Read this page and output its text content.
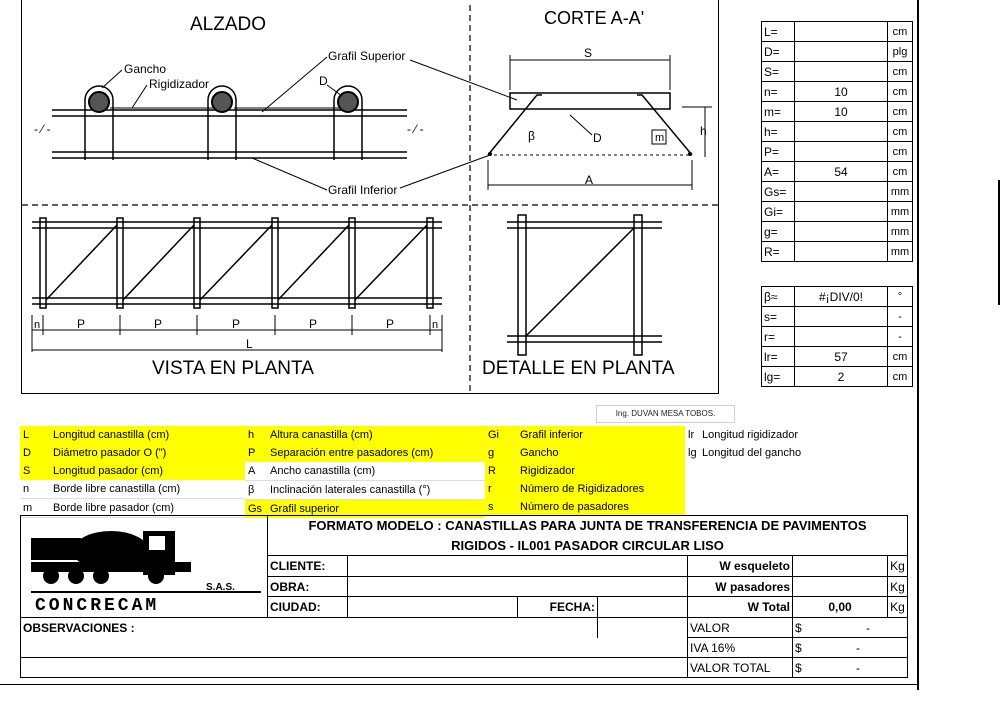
ALZADO	CORTE A-A'
VISTA EN PLANTA	DETALLE EN PLANTA
- ⁄ -	- ⁄ -
Gancho
Rigidizador
Grafil Superior
D
Grafil Inferior
S
m	h
β	D
A
n	n
P	P	P	P	P
L
Ing. DUVAN MESA TOBOS.
L=		cm
D=		plg
S=		cm
n=	10	cm
m=	10	cm
h=		cm
P=		cm
A=	54	cm
Gs=		mm
Gi=		mm
g=		mm
R=		mm
β≈	#¡DIV/0!	°
s=		-
r=		-
lr=	57	cm
lg=	2	cm
L	Longitud canastilla (cm)
D	Diámetro pasador O (")
S	Longitud pasador (cm)
n	Borde libre canastilla (cm)
m	Borde libre pasador (cm)
h	Altura canastilla (cm)
P	Separación entre pasadores (cm)
A	Ancho canastilla (cm)
β	Inclinación laterales canastilla (°)
Gs Grafil superior
Gi	Grafil inferior
g	Gancho
R	Rigidizador
r	Número de Rigidizadores
s	Número de pasadores
lr Longitud rigidizador
lg Longitud del gancho
S.A.S.
CONCRECAM	FORMATO MODELO : CANASTILLAS PARA JUNTA DE TRANSFERENCIA DE PAVIMENTOS						
	RIGIDOS - IL001 PASADOR CIRCULAR LISO						
	CLIENTE:				W esqueleto		Kg
	OBRA:				W pasadores		Kg
	CIUDAD:		FECHA:		W Total	0,00	Kg
OBSERVACIONES :					VALOR	$ -	

					IVA 16%	$ -	

					VALOR TOTAL	$ -	
